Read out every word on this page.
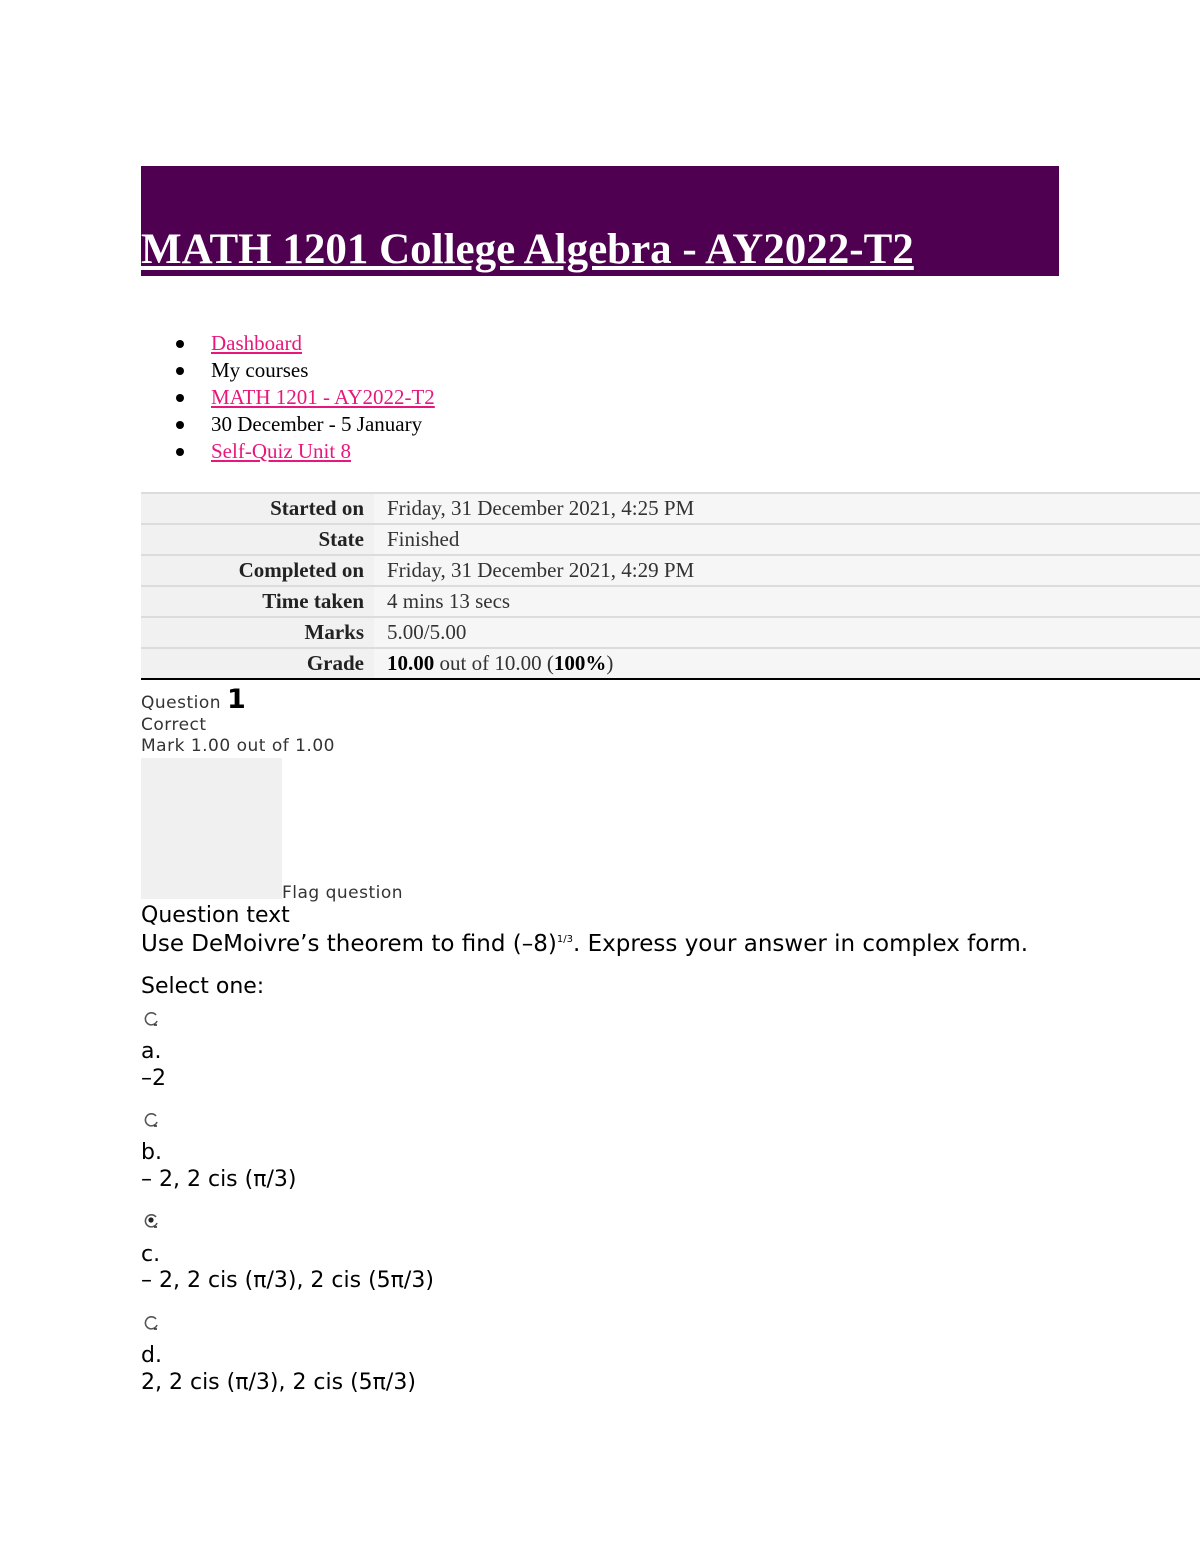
MATH 1201 College Algebra - AY2022-T2
Dashboard
My courses
MATH 1201 - AY2022-T2
30 December - 5 January
Self-Quiz Unit 8
Started on	Friday, 31 December 2021, 4:25 PM
State	Finished
Completed on	Friday, 31 December 2021, 4:29 PM
Time taken	4 mins 13 secs
Marks	5.00/5.00
Grade	10.00 out of 10.00 (100%)
Question 1
Correct
Mark 1.00 out of 1.00
Flag question
Question text
Use DeMoivre’s theorem to find $(-8)^{1/3}$. Express your answer in complex form.
Select one:
a.
–2
b.
– 2, 2 cis (π/3)
c.
– 2, 2 cis (π/3), 2 cis (5π/3)
d.
2, 2 cis (π/3), 2 cis (5π/3)
